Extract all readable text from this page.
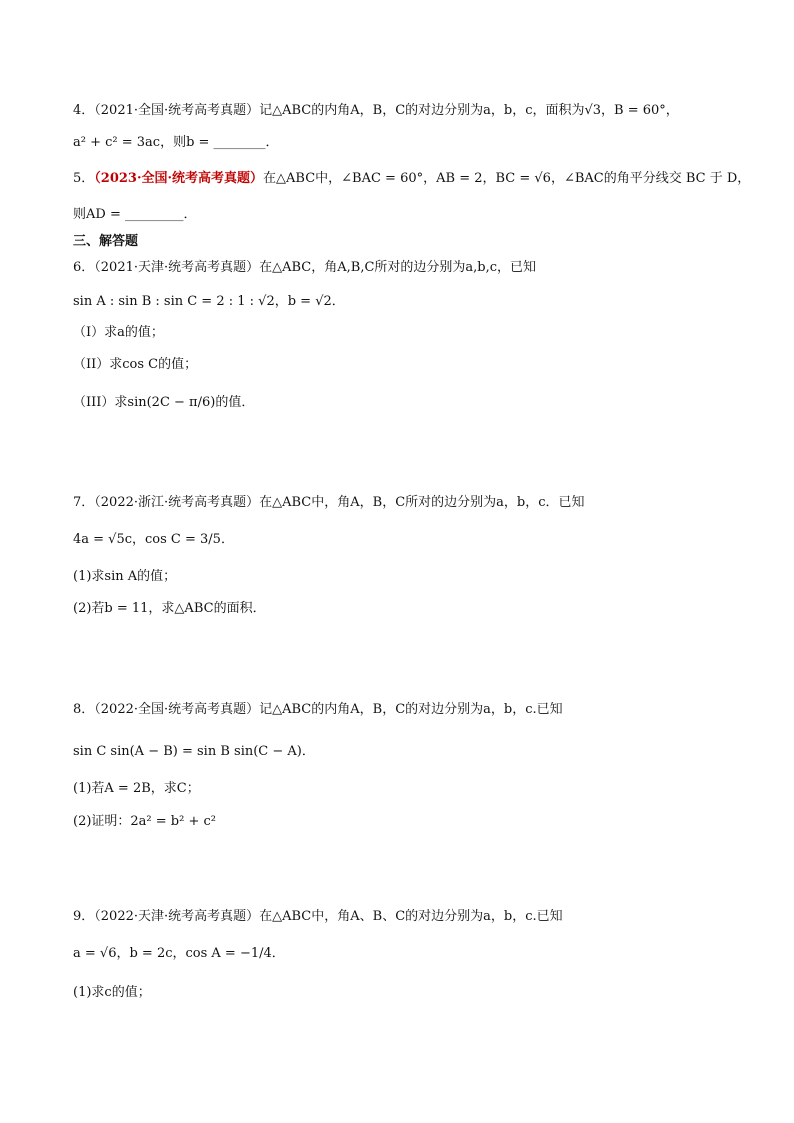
4．（2021·全国·统考高考真题）记△ABC的内角A，B，C的对边分别为a，b，c，面积为√3，B = 60°，
a² + c² = 3ac，则b = ________．
5．（2023·全国·统考高考真题）在△ABC中，∠BAC = 60°，AB = 2，BC = √6，∠BAC的角平分线交 BC 于 D，
则AD = _________．
三、解答题
6．（2021·天津·统考高考真题）在△ABC，角A,B,C所对的边分别为a,b,c，已知
sin A : sin B : sin C = 2 : 1 : √2，b = √2．
（I）求a的值；
（II）求cos C的值；
（III）求sin(2C − π/6)的值．
7．（2022·浙江·统考高考真题）在△ABC中，角A，B，C所对的边分别为a，b，c．已知
4a = √5c，cos C = 3/5．
(1)求sin A的值；
(2)若b = 11，求△ABC的面积．
8．（2022·全国·统考高考真题）记△ABC的内角A，B，C的对边分别为a，b，c.已知
sin C sin(A − B) = sin B sin(C − A)．
(1)若A = 2B，求C；
(2)证明：2a² = b² + c²
9．（2022·天津·统考高考真题）在△ABC中，角A、B、C的对边分别为a，b，c.已知
a = √6，b = 2c，cos A = −1/4．
(1)求c的值；
